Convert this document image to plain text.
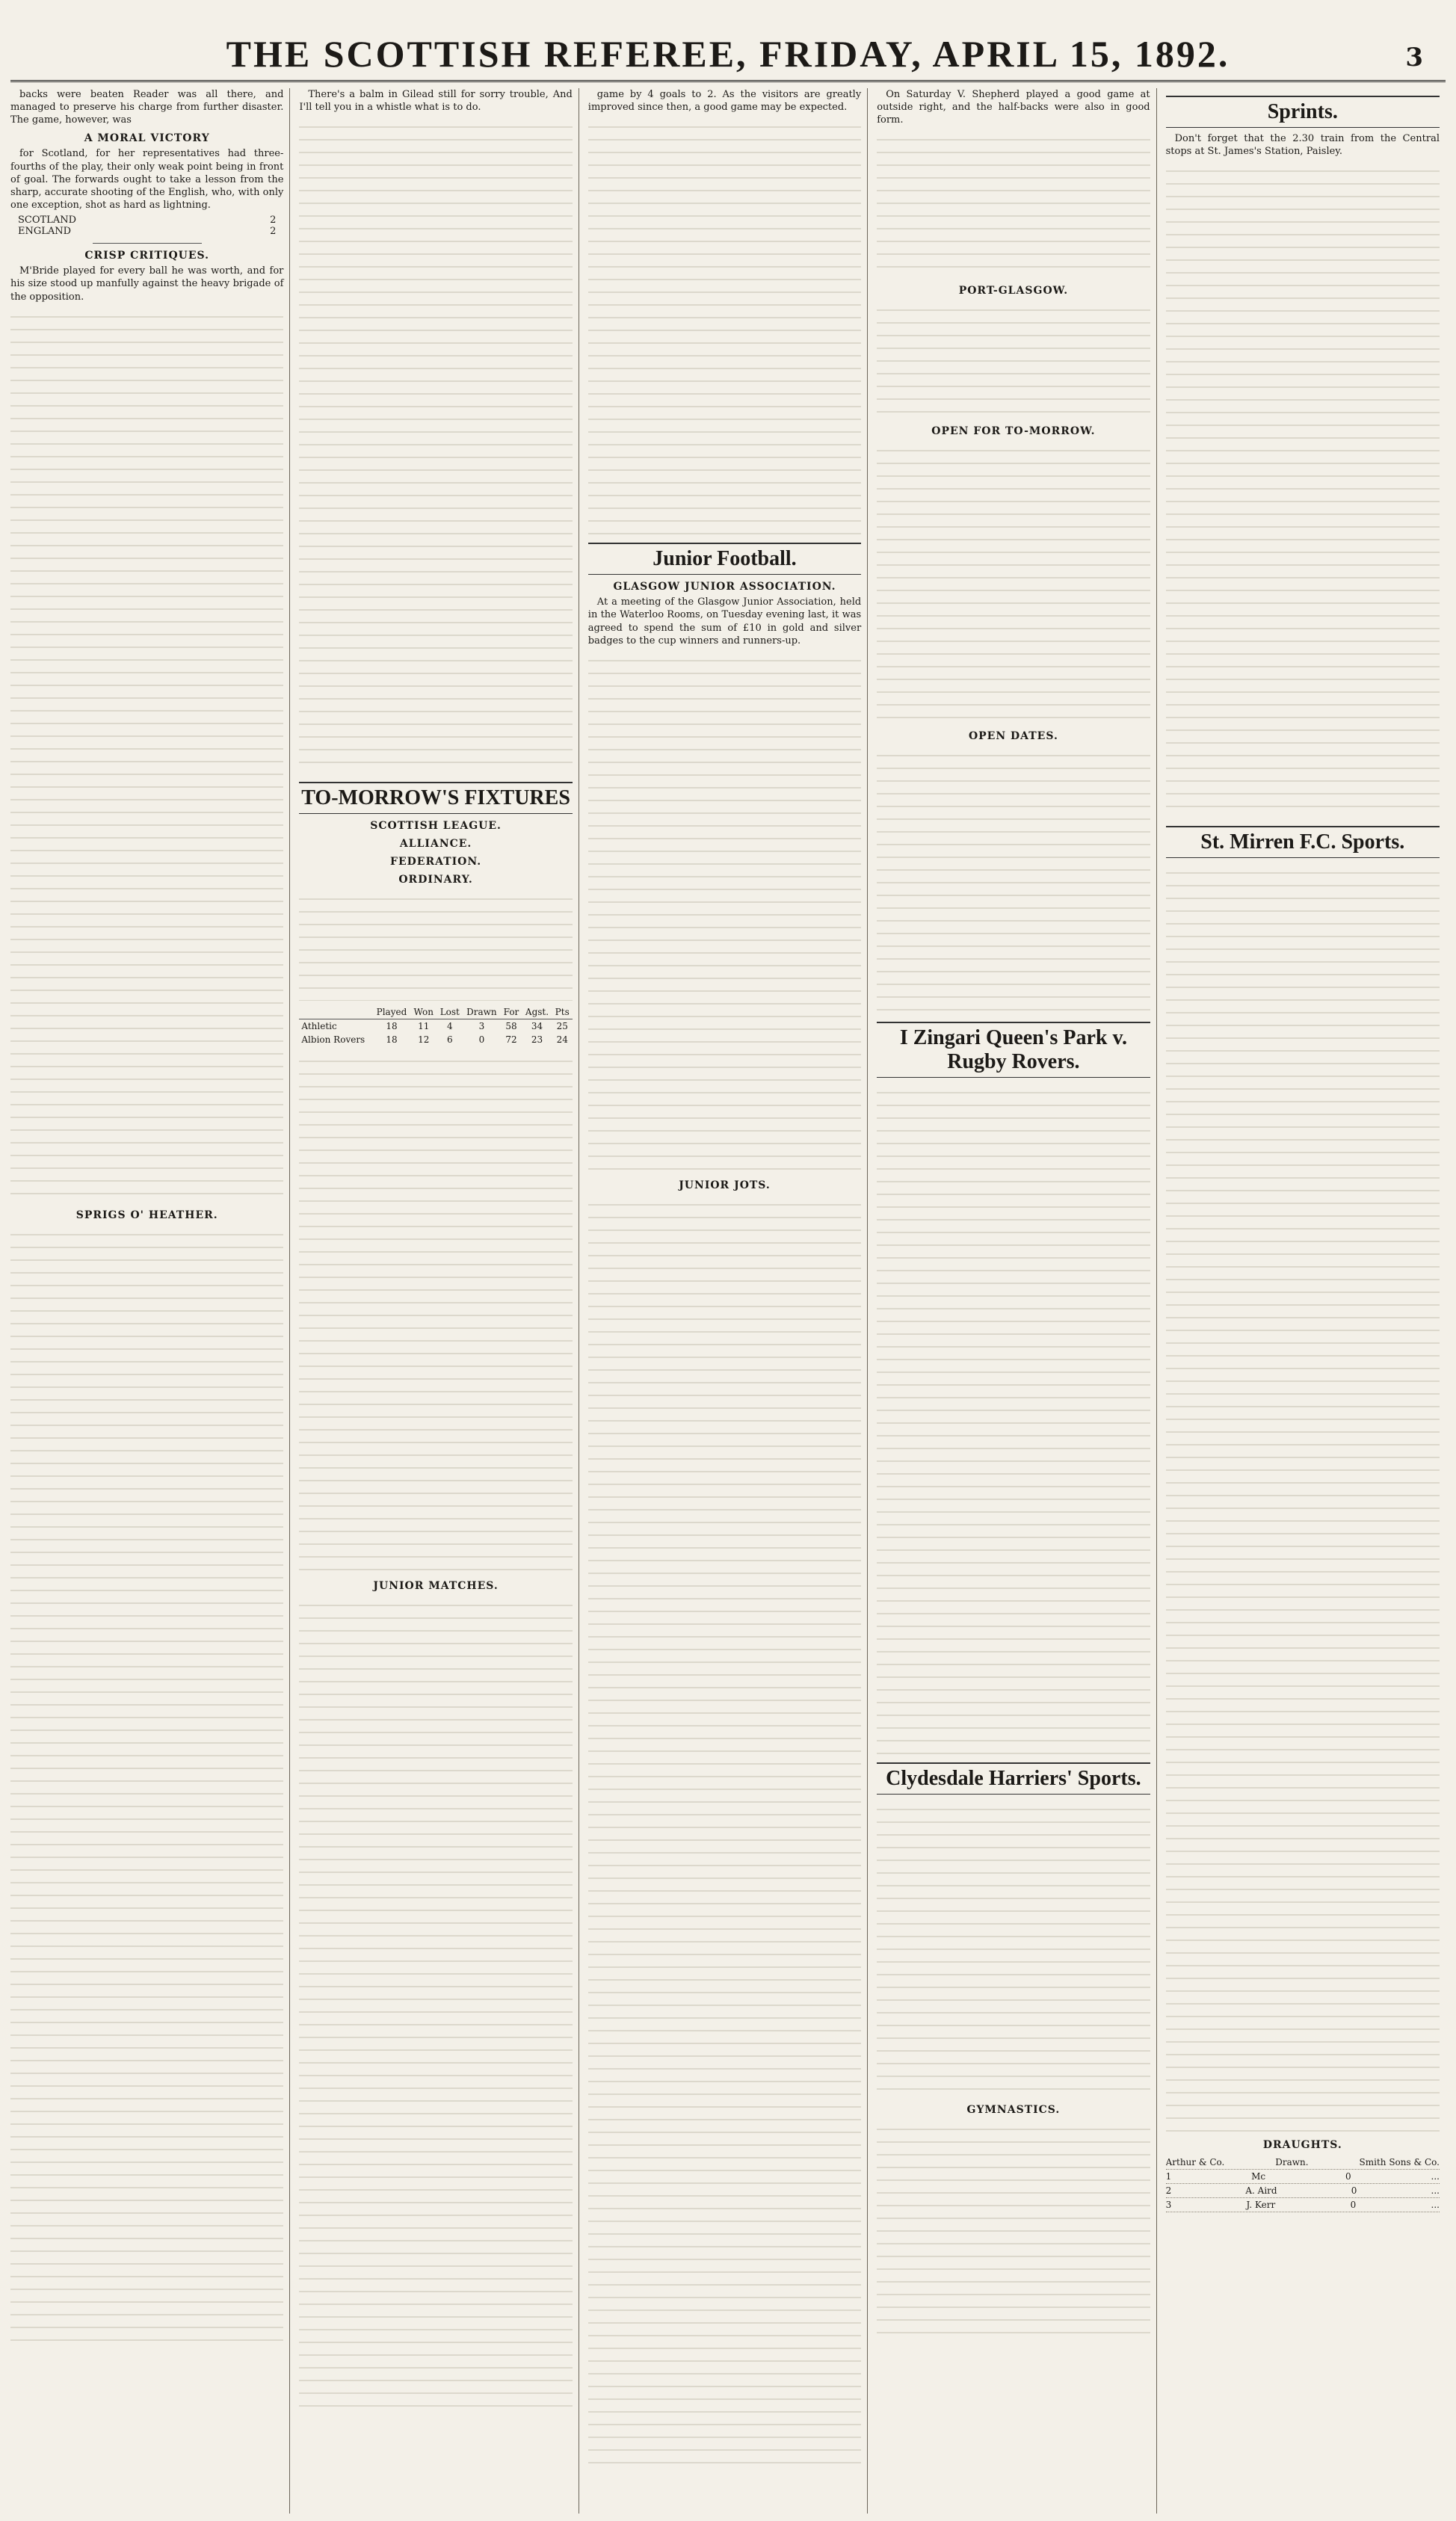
THE SCOTTISH REFEREE, FRIDAY, APRIL 15, 1892.	3

backs were beaten Reader was all there, and managed to preserve his charge from further disaster. The game, however, was

A MORAL VICTORY

for Scotland, for her representatives had three-fourths of the play, their only weak point being in front of goal. The forwards ought to take a lesson from the sharp, accurate shooting of the English, who, with only one exception, shot as hard as lightning.

SCOTLAND	2
ENGLAND	2
CRISP CRITIQUES.

M'Bride played for every ball he was worth, and for his size stood up manfully against the heavy brigade of the opposition.

SPRIGS O' HEATHER.

There's a balm in Gilead still for sorry trouble, And I'll tell you in a whistle what is to do.

TO-MORROW'S FIXTURES
SCOTTISH LEAGUE.
ALLIANCE.
FEDERATION.
ORDINARY.
	Played	Won	Lost	Drawn	For	Agst.	Pts
Athletic	18	11	4	3	58	34	25
Albion Rovers	18	12	6	0	72	23	24
JUNIOR MATCHES.

game by 4 goals to 2. As the visitors are greatly improved since then, a good game may be expected.

Junior Football.
GLASGOW JUNIOR ASSOCIATION.

At a meeting of the Glasgow Junior Association, held in the Waterloo Rooms, on Tuesday evening last, it was agreed to spend the sum of £10 in gold and silver badges to the cup winners and runners-up.

JUNIOR JOTS.

On Saturday V. Shepherd played a good game at outside right, and the half-backs were also in good form.

PORT-GLASGOW.
OPEN FOR TO-MORROW.
OPEN DATES.
I Zingari Queen's Park v. Rugby Rovers.
Clydesdale Harriers' Sports.
GYMNASTICS.
Sprints.

Don't forget that the 2.30 train from the Central stops at St. James's Station, Paisley.

St. Mirren F.C. Sports.
DRAUGHTS.
Arthur & Co.	Drawn.	Smith Sons & Co.
1	Mc	0	...
2	A. Aird	0	...
3	J. Kerr	0	...
